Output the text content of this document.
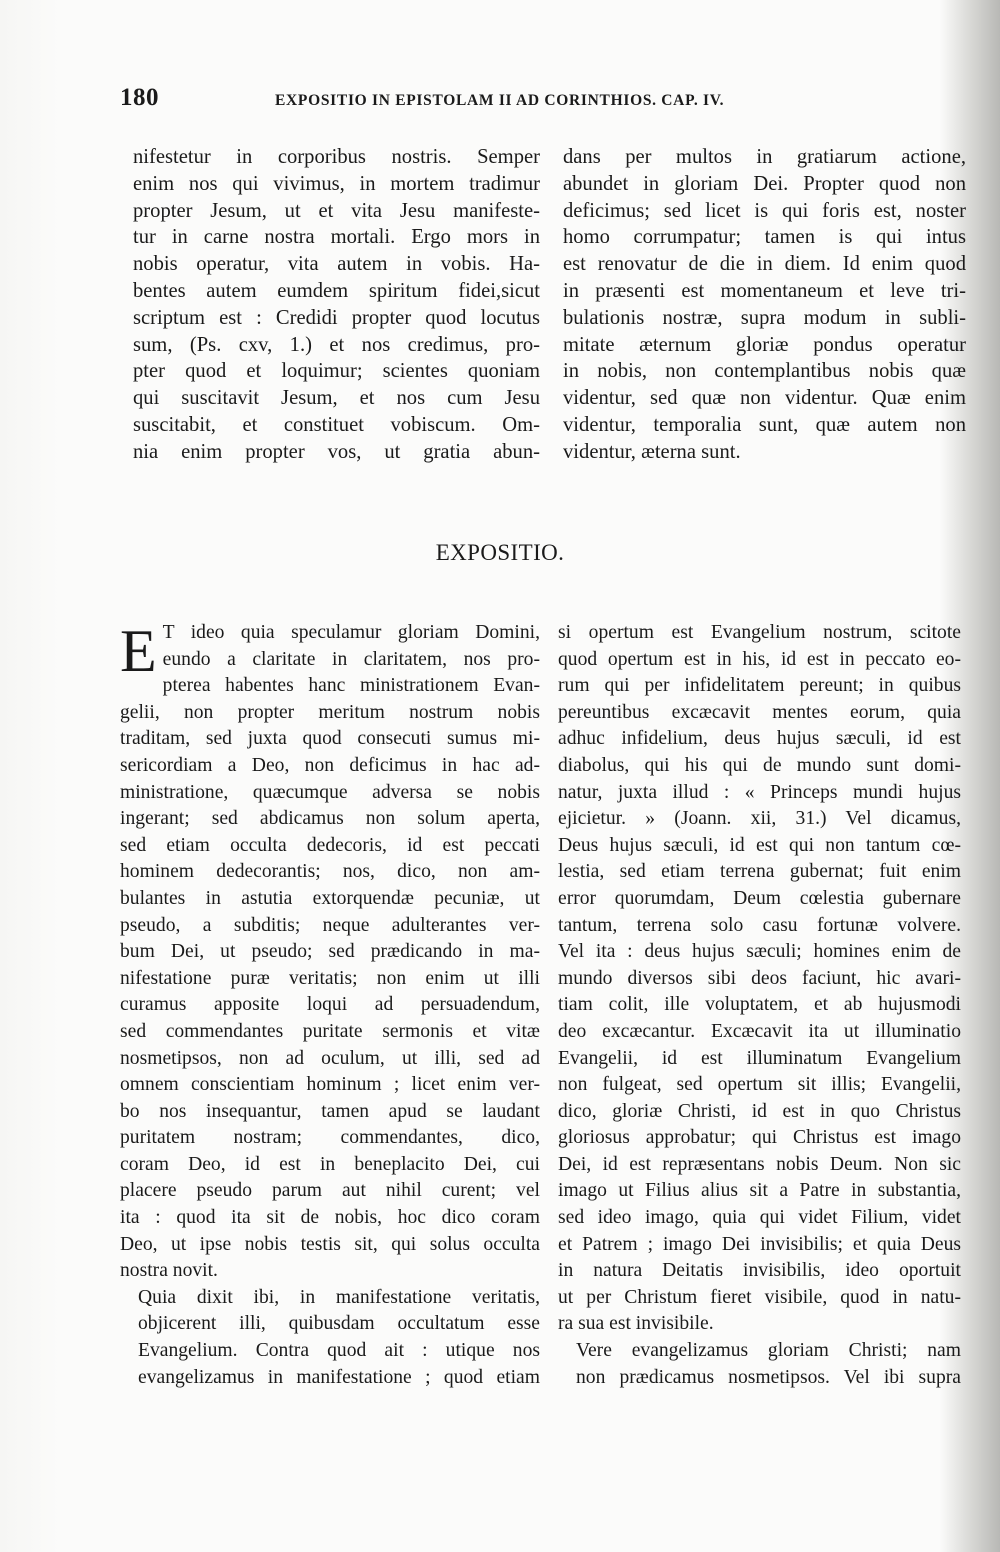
180	EXPOSITIO IN EPISTOLAM II AD CORINTHIOS. CAP. IV.
nifestetur in corporibus nostris. Semper
enim nos qui vivimus, in mortem tradimur
propter Jesum, ut et vita Jesu manifeste-
tur in carne nostra mortali. Ergo mors in
nobis operatur, vita autem in vobis. Ha-
bentes autem eumdem spiritum fidei,sicut
scriptum est : Credidi propter quod locutus
sum, (Ps. cxv, 1.) et nos credimus, pro-
pter quod et loquimur; scientes quoniam
qui suscitavit Jesum, et nos cum Jesu
suscitabit, et constituet vobiscum. Om-
nia enim propter vos, ut gratia abun-
dans per multos in gratiarum actione,
abundet in gloriam Dei. Propter quod non
deficimus; sed licet is qui foris est, noster
homo corrumpatur; tamen is qui intus
est renovatur de die in diem. Id enim quod
in præsenti est momentaneum et leve tri-
bulationis nostræ, supra modum in subli-
mitate æternum gloriæ pondus operatur
in nobis, non contemplantibus nobis quæ
videntur, sed quæ non videntur. Quæ enim
videntur, temporalia sunt, quæ autem non
videntur, æterna sunt.
EXPOSITIO.
E T ideo quia speculamur gloriam Domini,
eundo a claritate in claritatem, nos pro-
pterea habentes hanc ministrationem Evan-
gelii, non propter meritum nostrum nobis
traditam, sed juxta quod consecuti sumus mi-
sericordiam a Deo, non deficimus in hac ad-
ministratione, quæcumque adversa se nobis
ingerant; sed abdicamus non solum aperta,
sed etiam occulta dedecoris, id est peccati
hominem dedecorantis; nos, dico, non am-
bulantes in astutia extorquendæ pecuniæ, ut
pseudo, a subditis; neque adulterantes ver-
bum Dei, ut pseudo; sed prædicando in ma-
nifestatione puræ veritatis; non enim ut illi
curamus apposite loqui ad persuadendum,
sed commendantes puritate sermonis et vitæ
nosmetipsos, non ad oculum, ut illi, sed ad
omnem conscientiam hominum ; licet enim ver-
bo nos insequantur, tamen apud se laudant
puritatem nostram; commendantes, dico,
coram Deo, id est in beneplacito Dei, cui
placere pseudo parum aut nihil curent; vel
ita : quod ita sit de nobis, hoc dico coram
Deo, ut ipse nobis testis sit, qui solus occulta
nostra novit.
Quia dixit ibi, in manifestatione veritatis,
objicerent illi, quibusdam occultatum esse
Evangelium. Contra quod ait : utique nos
evangelizamus in manifestatione ; quod etiam
si opertum est Evangelium nostrum, scitote
quod opertum est in his, id est in peccato eo-
rum qui per infidelitatem pereunt; in quibus
pereuntibus excæcavit mentes eorum, quia
adhuc infidelium, deus hujus sæculi, id est
diabolus, qui his qui de mundo sunt domi-
natur, juxta illud : « Princeps mundi hujus
ejicietur. » (Joann. xii, 31.) Vel dicamus,
Deus hujus sæculi, id est qui non tantum cœ-
lestia, sed etiam terrena gubernat; fuit enim
error quorumdam, Deum cœlestia gubernare
tantum, terrena solo casu fortunæ volvere.
Vel ita : deus hujus sæculi; homines enim de
mundo diversos sibi deos faciunt, hic avari-
tiam colit, ille voluptatem, et ab hujusmodi
deo excæcantur. Excæcavit ita ut illuminatio
Evangelii, id est illuminatum Evangelium
non fulgeat, sed opertum sit illis; Evangelii,
dico, gloriæ Christi, id est in quo Christus
gloriosus approbatur; qui Christus est imago
Dei, id est repræsentans nobis Deum. Non sic
imago ut Filius alius sit a Patre in substantia,
sed ideo imago, quia qui videt Filium, videt
et Patrem ; imago Dei invisibilis; et quia Deus
in natura Deitatis invisibilis, ideo oportuit
ut per Christum fieret visibile, quod in natu-
ra sua est invisibile.
Vere evangelizamus gloriam Christi; nam
non prædicamus nosmetipsos. Vel ibi supra
